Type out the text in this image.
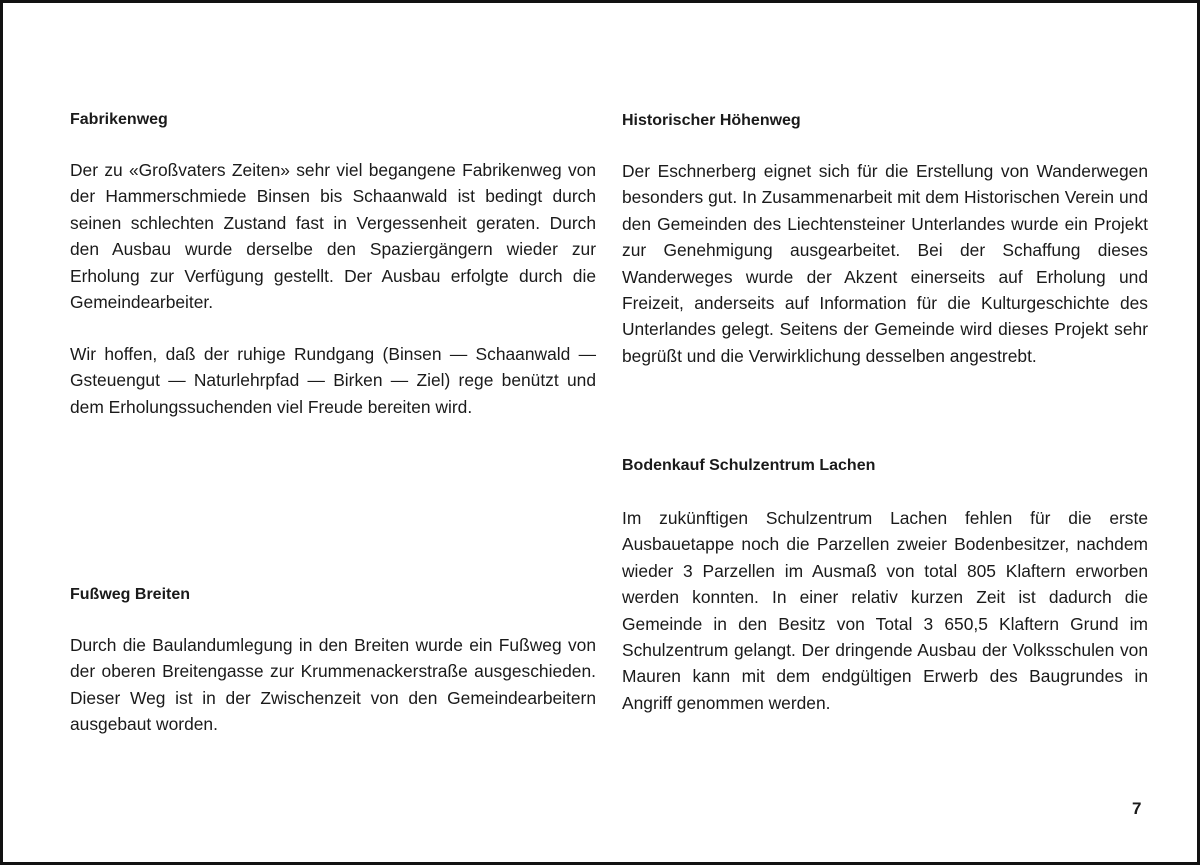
Fabrikenweg

Der zu «Großvaters Zeiten» sehr viel begangene Fabrikenweg von der Hammerschmiede Binsen bis Schaanwald ist bedingt durch seinen schlechten Zustand fast in Vergessenheit geraten. Durch den Ausbau wurde derselbe den Spaziergängern wieder zur Erholung zur Verfügung gestellt. Der Ausbau erfolgte durch die Gemeindearbeiter.

Wir hoffen, daß der ruhige Rundgang (Binsen — Schaanwald — Gsteuengut — Naturlehrpfad — Birken — Ziel) rege benützt und dem Erholungssuchenden viel Freude bereiten wird.

Fußweg Breiten

Durch die Baulandumlegung in den Breiten wurde ein Fußweg von der oberen Breitengasse zur Krummenackerstraße ausgeschieden. Dieser Weg ist in der Zwischenzeit von den Gemeindearbeitern ausgebaut worden.

Historischer Höhenweg

Der Eschnerberg eignet sich für die Erstellung von Wanderwegen besonders gut. In Zusammenarbeit mit dem Historischen Verein und den Gemeinden des Liechtensteiner Unterlandes wurde ein Projekt zur Genehmigung ausgearbeitet. Bei der Schaffung dieses Wanderweges wurde der Akzent einerseits auf Erholung und Freizeit, anderseits auf Information für die Kulturgeschichte des Unterlandes gelegt. Seitens der Gemeinde wird dieses Projekt sehr begrüßt und die Verwirklichung desselben angestrebt.

Bodenkauf Schulzentrum Lachen

Im zukünftigen Schulzentrum Lachen fehlen für die erste Ausbauetappe noch die Parzellen zweier Bodenbesitzer, nachdem wieder 3 Parzellen im Ausmaß von total 805 Klaftern erworben werden konnten. In einer relativ kurzen Zeit ist dadurch die Gemeinde in den Besitz von Total 3 650,5 Klaftern Grund im Schulzentrum gelangt. Der dringende Ausbau der Volksschulen von Mauren kann mit dem endgültigen Erwerb des Baugrundes in Angriff genommen werden.

7
